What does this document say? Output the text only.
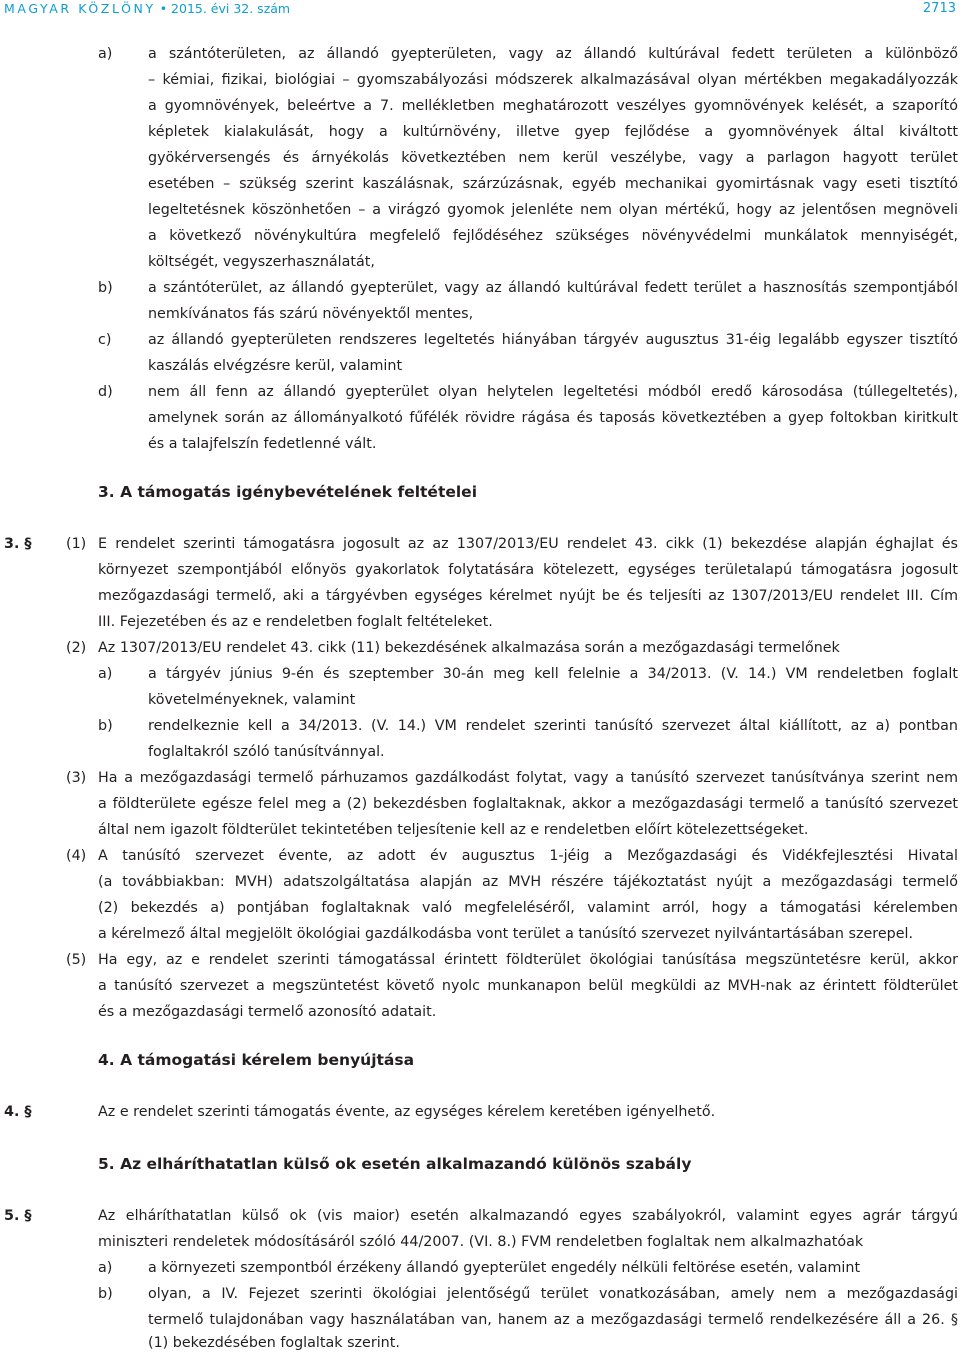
MAGYAR KÖZLÖNY • 2015. évi 32. szám	2713
a) a szántóterületen, az állandó gyepterületen, vagy az állandó kultúrával fedett területen a különböző
– kémiai, fizikai, biológiai – gyomszabályozási módszerek alkalmazásával olyan mértékben megakadályozzák
a gyomnövények, beleértve a 7. mellékletben meghatározott veszélyes gyomnövények kelését, a szaporító
képletek kialakulását, hogy a kultúrnövény, illetve gyep fejlődése a gyomnövények által kiváltott
gyökérversengés és árnyékolás következtében nem kerül veszélybe, vagy a parlagon hagyott terület
esetében – szükség szerint kaszálásnak, szárzúzásnak, egyéb mechanikai gyomirtásnak vagy eseti tisztító
legeltetésnek köszönhetően – a virágzó gyomok jelenléte nem olyan mértékű, hogy az jelentősen megnöveli
a következő növénykultúra megfelelő fejlődéséhez szükséges növényvédelmi munkálatok mennyiségét,
költségét, vegyszerhasználatát,
b) a szántóterület, az állandó gyepterület, vagy az állandó kultúrával fedett terület a hasznosítás szempontjából
nemkívánatos fás szárú növényektől mentes,
c)	az állandó gyepterületen rendszeres legeltetés hiányában tárgyév augusztus 31-éig legalább egyszer tisztító
kaszálás elvégzésre kerül, valamint
d) nem áll fenn az állandó gyepterület olyan helytelen legeltetési módból eredő károsodása (túllegeltetés),
amelynek során az állományalkotó fűfélék rövidre rágása és taposás következtében a gyep foltokban kiritkult
és a talajfelszín fedetlenné vált.
3. A támogatás igénybevételének feltételei
3. § (1) E rendelet szerinti támogatásra jogosult az az 1307/2013/EU rendelet 43. cikk (1) bekezdése alapján éghajlat és
környezet szempontjából előnyös gyakorlatok folytatására kötelezett, egységes területalapú támogatásra jogosult
mezőgazdasági termelő, aki a tárgyévben egységes kérelmet nyújt be és teljesíti az 1307/2013/EU rendelet III. Cím
III. Fejezetében és az e rendeletben foglalt feltételeket.
(2) Az 1307/2013/EU rendelet 43. cikk (11) bekezdésének alkalmazása során a mezőgazdasági termelőnek
a) a tárgyév június 9-én és szeptember 30-án meg kell felelnie a 34/2013. (V. 14.) VM rendeletben foglalt
követelményeknek, valamint
b) rendelkeznie kell a 34/2013. (V. 14.) VM rendelet szerinti tanúsító szervezet által kiállított, az a) pontban
foglaltakról szóló tanúsítvánnyal.
(3) Ha a mezőgazdasági termelő párhuzamos gazdálkodást folytat, vagy a tanúsító szervezet tanúsítványa szerint nem
a földterülete egésze felel meg a (2) bekezdésben foglaltaknak, akkor a mezőgazdasági termelő a tanúsító szervezet
által nem igazolt földterület tekintetében teljesítenie kell az e rendeletben előírt kötelezettségeket.
(4) A tanúsító szervezet évente, az adott év augusztus 1-jéig a Mezőgazdasági és Vidékfejlesztési Hivatal
(a továbbiakban: MVH) adatszolgáltatása alapján az MVH részére tájékoztatást nyújt a mezőgazdasági termelő
(2) bekezdés a) pontjában foglaltaknak való megfeleléséről, valamint arról, hogy a támogatási kérelemben
a kérelmező által megjelölt ökológiai gazdálkodásba vont terület a tanúsító szervezet nyilvántartásában szerepel.
(5) Ha egy, az e rendelet szerinti támogatással érintett földterület ökológiai tanúsítása megszüntetésre kerül, akkor
a tanúsító szervezet a megszüntetést követő nyolc munkanapon belül megküldi az MVH-nak az érintett földterület
és a mezőgazdasági termelő azonosító adatait.
4. A támogatási kérelem benyújtása
4. §	Az e rendelet szerinti támogatás évente, az egységes kérelem keretében igényelhető.
5. Az elháríthatatlan külső ok esetén alkalmazandó különös szabály
5. §	Az elháríthatatlan külső ok (vis maior) esetén alkalmazandó egyes szabályokról, valamint egyes agrár tárgyú
miniszteri rendeletek módosításáról szóló 44/2007. (VI. 8.) FVM rendeletben foglaltak nem alkalmazhatóak
a) a környezeti szempontból érzékeny állandó gyepterület engedély nélküli feltörése esetén, valamint
b) olyan, a IV. Fejezet szerinti ökológiai jelentőségű terület vonatkozásában, amely nem a mezőgazdasági
termelő tulajdonában vagy használatában van, hanem az a mezőgazdasági termelő rendelkezésére áll a 26. §
(1) bekezdésében foglaltak szerint.
